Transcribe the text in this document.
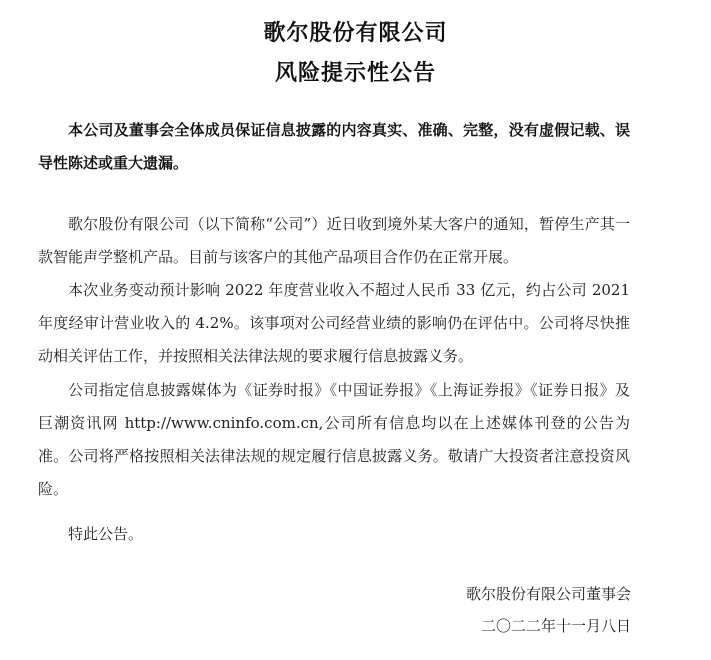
歌尔股份有限公司
风险提示性公告
本公司及董事会全体成员保证信息披露的内容真实、准确、完整，没有虚假记载、误导性陈述或重大遗漏。
歌尔股份有限公司（以下简称“公司”）近日收到境外某大客户的通知，暂停生产其一款智能声学整机产品。目前与该客户的其他产品项目合作仍在正常开展。
本次业务变动预计影响 2022 年度营业收入不超过人民币 33 亿元，约占公司 2021 年度经审计营业收入的 4.2%。该事项对公司经营业绩的影响仍在评估中。公司将尽快推动相关评估工作，并按照相关法律法规的要求履行信息披露义务。
公司指定信息披露媒体为《证券时报》《中国证券报》《上海证券报》《证券日报》及巨潮资讯网 http://www.cninfo.com.cn,公司所有信息均以在上述媒体刊登的公告为准。公司将严格按照相关法律法规的规定履行信息披露义务。敬请广大投资者注意投资风险。
特此公告。
歌尔股份有限公司董事会
二〇二二年十一月八日
